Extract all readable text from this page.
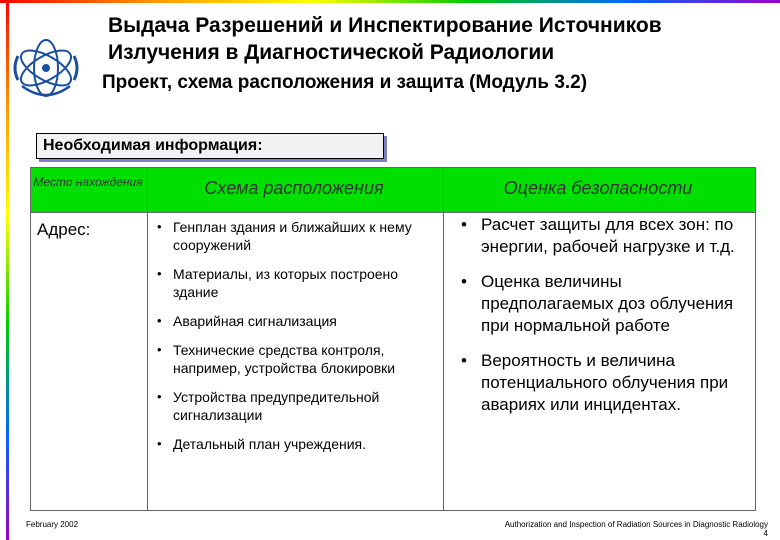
Выдача Разрешений и Инспектирование Источников
Излучения в Диагностической Радиологии
Проект, схема расположения и защита (Модуль 3.2)
Необходимая информация:
Место нахождения	Схема расположения	Оценка безопасности
Адрес:
•	Генплан здания и ближайших к нему сооружений
• Материалы, из которых построено здание
• Аварийная сигнализация
• Технические средства контроля, например, устройства блокировки
• Устройства предупредительной сигнализации
• Детальный план учреждения.
• Расчет защиты для всех зон: по энергии, рабочей нагрузке и т.д.
• Оценка величины предполагаемых доз облучения при нормальной работе
• Вероятность и величина потенциального облучения при авариях или инцидентах.
February 2002	Authorization and Inspection of Radiation Sources in Diagnostic Radiology 4
